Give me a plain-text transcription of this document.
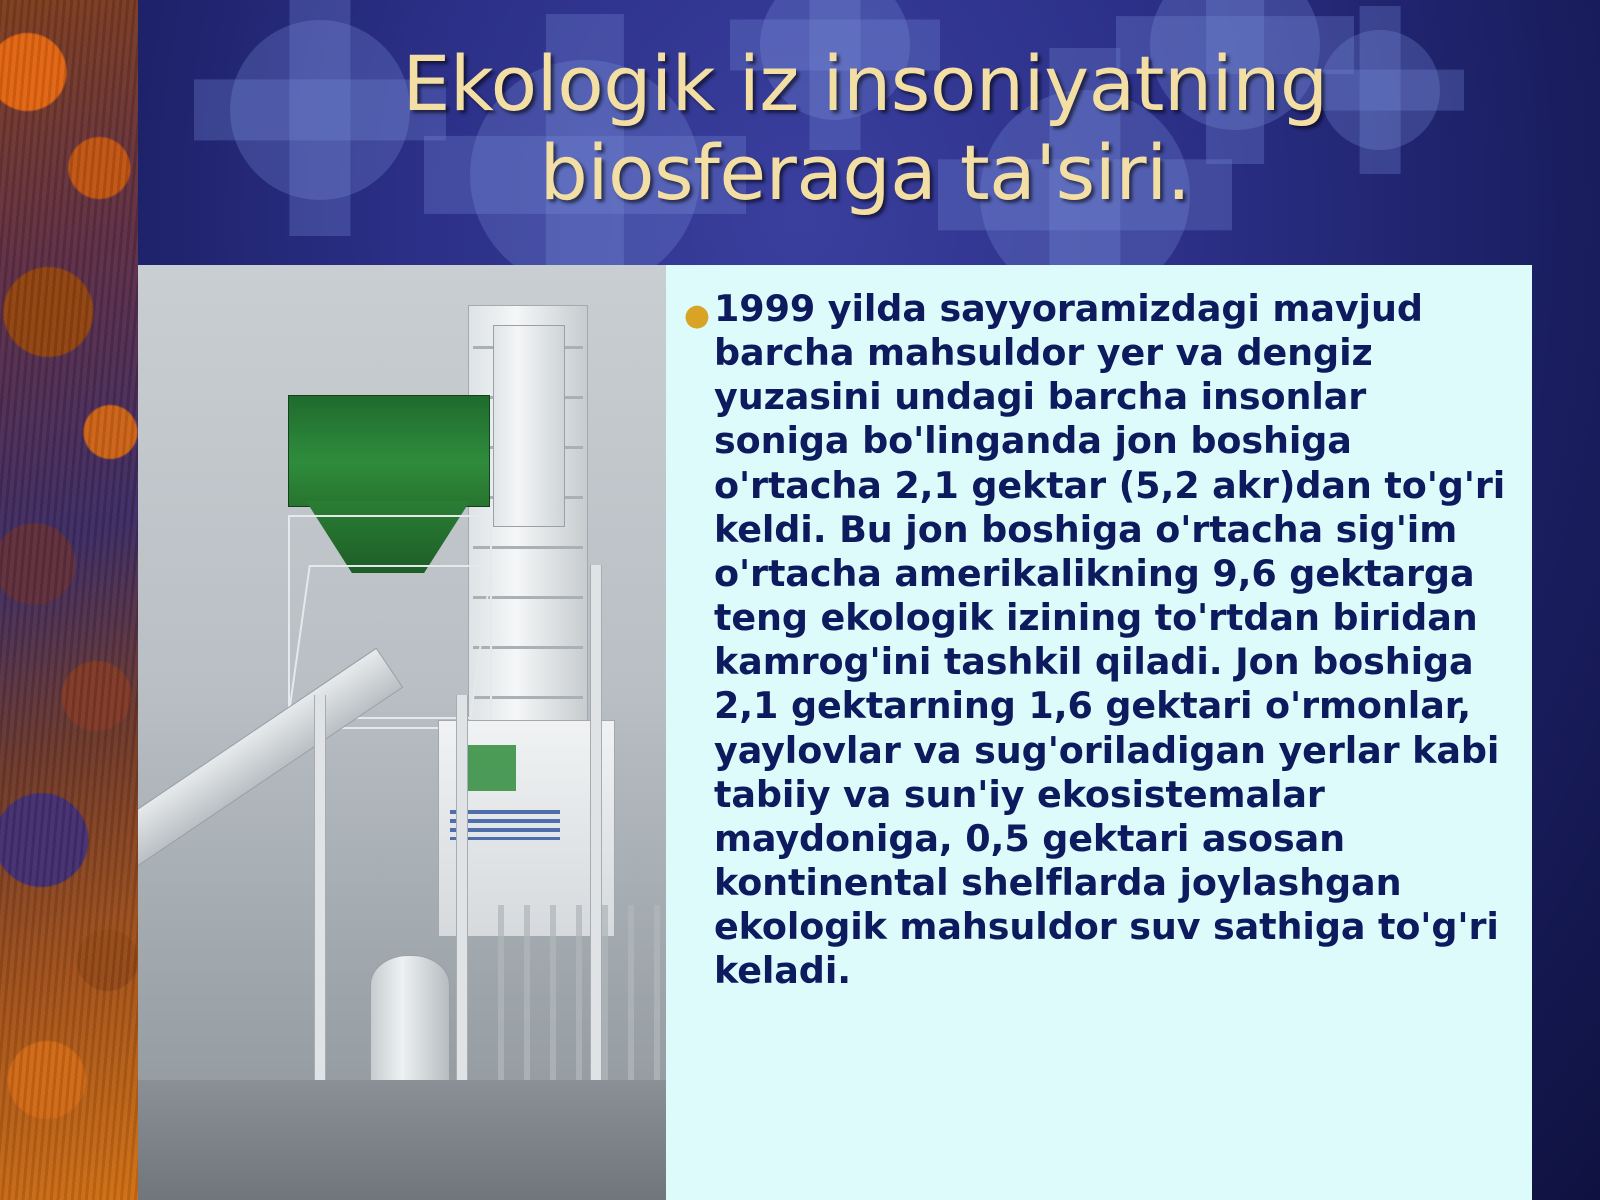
Ekologik iz insoniyatning biosferaga ta'siri.
● 1999 yilda sayyoramizdagi mavjud barcha mahsuldor yer va dengiz yuzasini undagi barcha insonlar soniga bo'linganda jon boshiga o'rtacha 2,1 gektar (5,2 akr)dan to'g'ri keldi. Bu jon boshiga o'rtacha sig'im o'rtacha amerikalikning 9,6 gektarga teng ekologik izining to'rtdan biridan kamrog'ini tashkil qiladi. Jon boshiga 2,1 gektarning 1,6 gektari o'rmonlar, yaylovlar va sug'oriladigan yerlar kabi tabiiy va sun'iy ekosistemalar maydoniga, 0,5 gektari asosan kontinental shelflarda joylashgan ekologik mahsuldor suv sathiga to'g'ri keladi.
